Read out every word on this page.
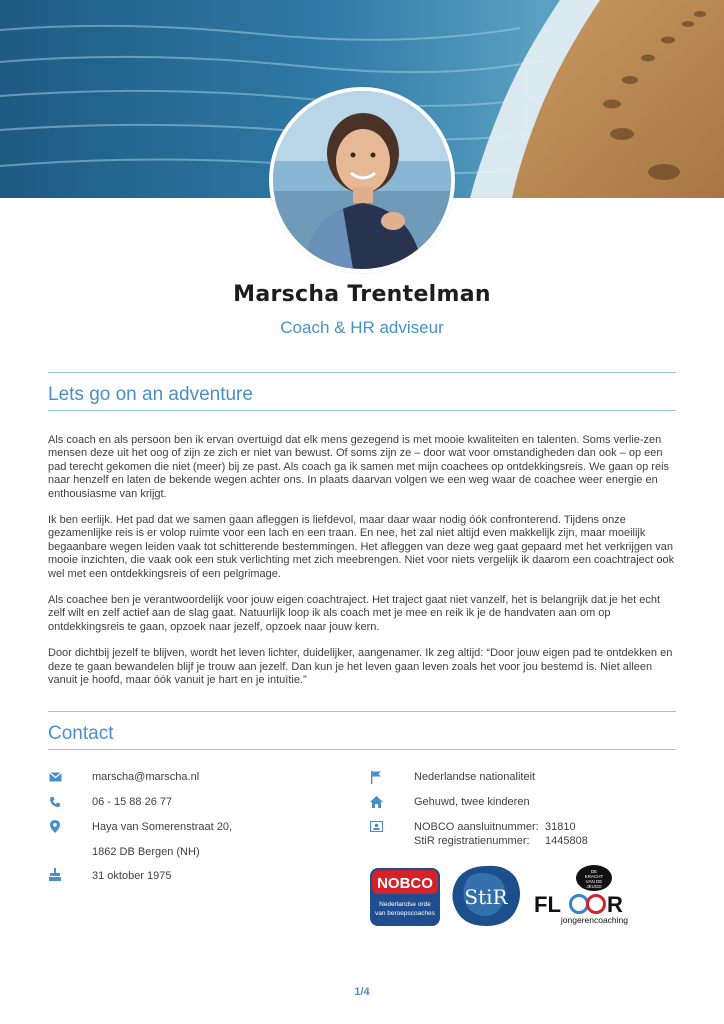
Marscha Trentelman
Coach & HR adviseur
Lets go on an adventure

Als coach en als persoon ben ik ervan overtuigd dat elk mens gezegend is met mooie kwaliteiten en talenten. Soms verlie-zen mensen deze uit het oog of zijn ze zich er niet van bewust. Of soms zijn ze – door wat voor omstandigheden dan ook – op een pad terecht gekomen die niet (meer) bij ze past. Als coach ga ik samen met mijn coachees op ontdekkingsreis. We gaan op reis naar henzelf en laten de bekende wegen achter ons. In plaats daarvan volgen we een weg waar de coachee weer energie en enthousiasme van krijgt.

Ik ben eerlijk. Het pad dat we samen gaan afleggen is liefdevol, maar daar waar nodig óók confronterend. Tijdens onze gezamenlijke reis is er volop ruimte voor een lach en een traan. En nee, het zal niet altijd even makkelijk zijn, maar moeilijk begaanbare wegen leiden vaak tot schitterende bestemmingen. Het afleggen van deze weg gaat gepaard met het verkrijgen van mooie inzichten, die vaak ook een stuk verlichting met zich meebrengen. Niet voor niets vergelijk ik daarom een coachtraject ook wel met een ontdekkingsreis of een pelgrimage.

Als coachee ben je verantwoordelijk voor jouw eigen coachtraject. Het traject gaat niet vanzelf, het is belangrijk dat je het echt zelf wilt en zelf actief aan de slag gaat. Natuurlijk loop ik als coach met je mee en reik ik je de handvaten aan om op ontdekkingsreis te gaan, opzoek naar jezelf, opzoek naar jouw kern.

Door dichtbij jezelf te blijven, wordt het leven lichter, duidelijker, aangenamer. Ik zeg altijd: “Door jouw eigen pad te ontdekken en deze te gaan bewandelen blijf je trouw aan jezelf. Dan kun je het leven gaan leven zoals het voor jou bestemd is. Niet alleen vanuit je hoofd, maar óók vanuit je hart en je intuïtie.”

Contact
marscha@marscha.nl
06 - 15 88 26 77
Haya van Somerenstraat 20,
1862 DB Bergen (NH)
31 oktober 1975
Nederlandse nationaliteit
Gehuwd, twee kinderen
NOBCO aansluitnummer: 31810
StiR registratienummer: 1445808
NOBCO
Nederlandse orde
van beroepscoaches
StiR
DE
KRACHT
VAN DE
JEUGD
FL R
jongerencoaching
1/4
